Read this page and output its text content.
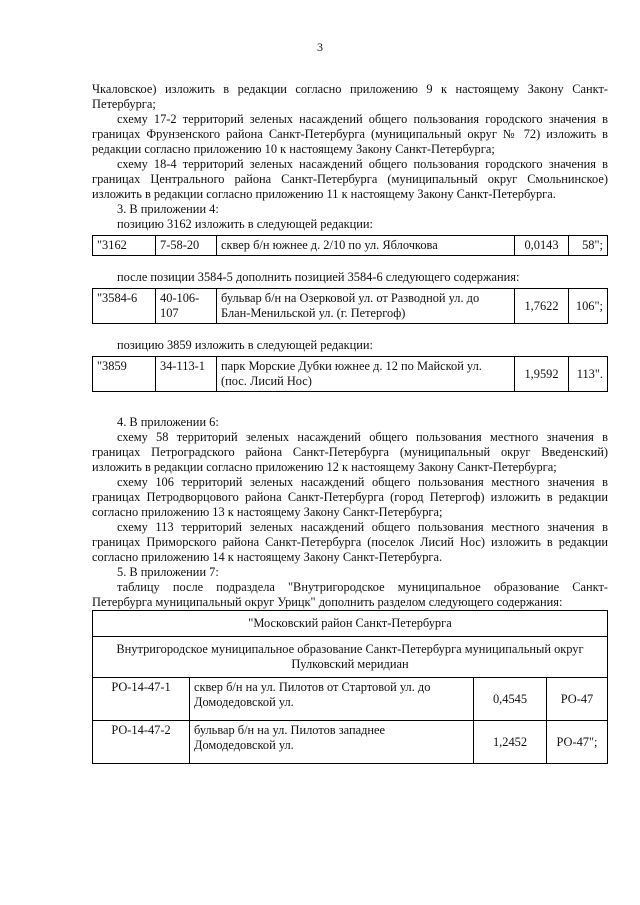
3

Чкаловское) изложить в редакции согласно приложению 9 к настоящему Закону Санкт-Петербурга;

схему 17-2 территорий зеленых насаждений общего пользования городского значения в границах Фрунзенского района Санкт-Петербурга (муниципальный округ № 72) изложить в редакции согласно приложению 10 к настоящему Закону Санкт-Петербурга;

схему 18-4 территорий зеленых насаждений общего пользования городского значения в границах Центрального района Санкт-Петербурга (муниципальный округ Смольнинское) изложить в редакции согласно приложению 11 к настоящему Закону Санкт-Петербурга.

3. В приложении 4:

позицию 3162 изложить в следующей редакции:

"3162	7-58-20	сквер б/н южнее д. 2/10 по ул. Яблочкова	0,0143	58";

после позиции 3584-5 дополнить позицией 3584-6 следующего содержания:

"3584-6	40-106-107	бульвар б/н на Озерковой ул. от Разводной ул. до Блан-Менильской ул. (г. Петергоф)	1,7622	106";

позицию 3859 изложить в следующей редакции:

"3859	34-113-1	парк Морские Дубки южнее д. 12 по Майской ул. (пос. Лисий Нос)	1,9592	113".

4. В приложении 6:

схему 58 территорий зеленых насаждений общего пользования местного значения в границах Петроградского района Санкт-Петербурга (муниципальный округ Введенский) изложить в редакции согласно приложению 12 к настоящему Закону Санкт-Петербурга;

схему 106 территорий зеленых насаждений общего пользования местного значения в границах Петродворцового района Санкт-Петербурга (город Петергоф) изложить в редакции согласно приложению 13 к настоящему Закону Санкт-Петербурга;

схему 113 территорий зеленых насаждений общего пользования местного значения в границах Приморского района Санкт-Петербурга (поселок Лисий Нос) изложить в редакции согласно приложению 14 к настоящему Закону Санкт-Петербурга.

5. В приложении 7:

таблицу после подраздела "Внутригородское муниципальное образование Санкт-Петербурга муниципальный округ Урицк" дополнить разделом следующего содержания:

"Московский район Санкт-Петербурга			
Внутригородское муниципальное образование Санкт-Петербурга муниципальный округ Пулковский меридиан			
РО-14-47-1	сквер б/н на ул. Пилотов от Стартовой ул. до Домодедовской ул.	0,4545	РО-47
РО-14-47-2	бульвар б/н на ул. Пилотов западнее Домодедовской ул.	1,2452	РО-47";
